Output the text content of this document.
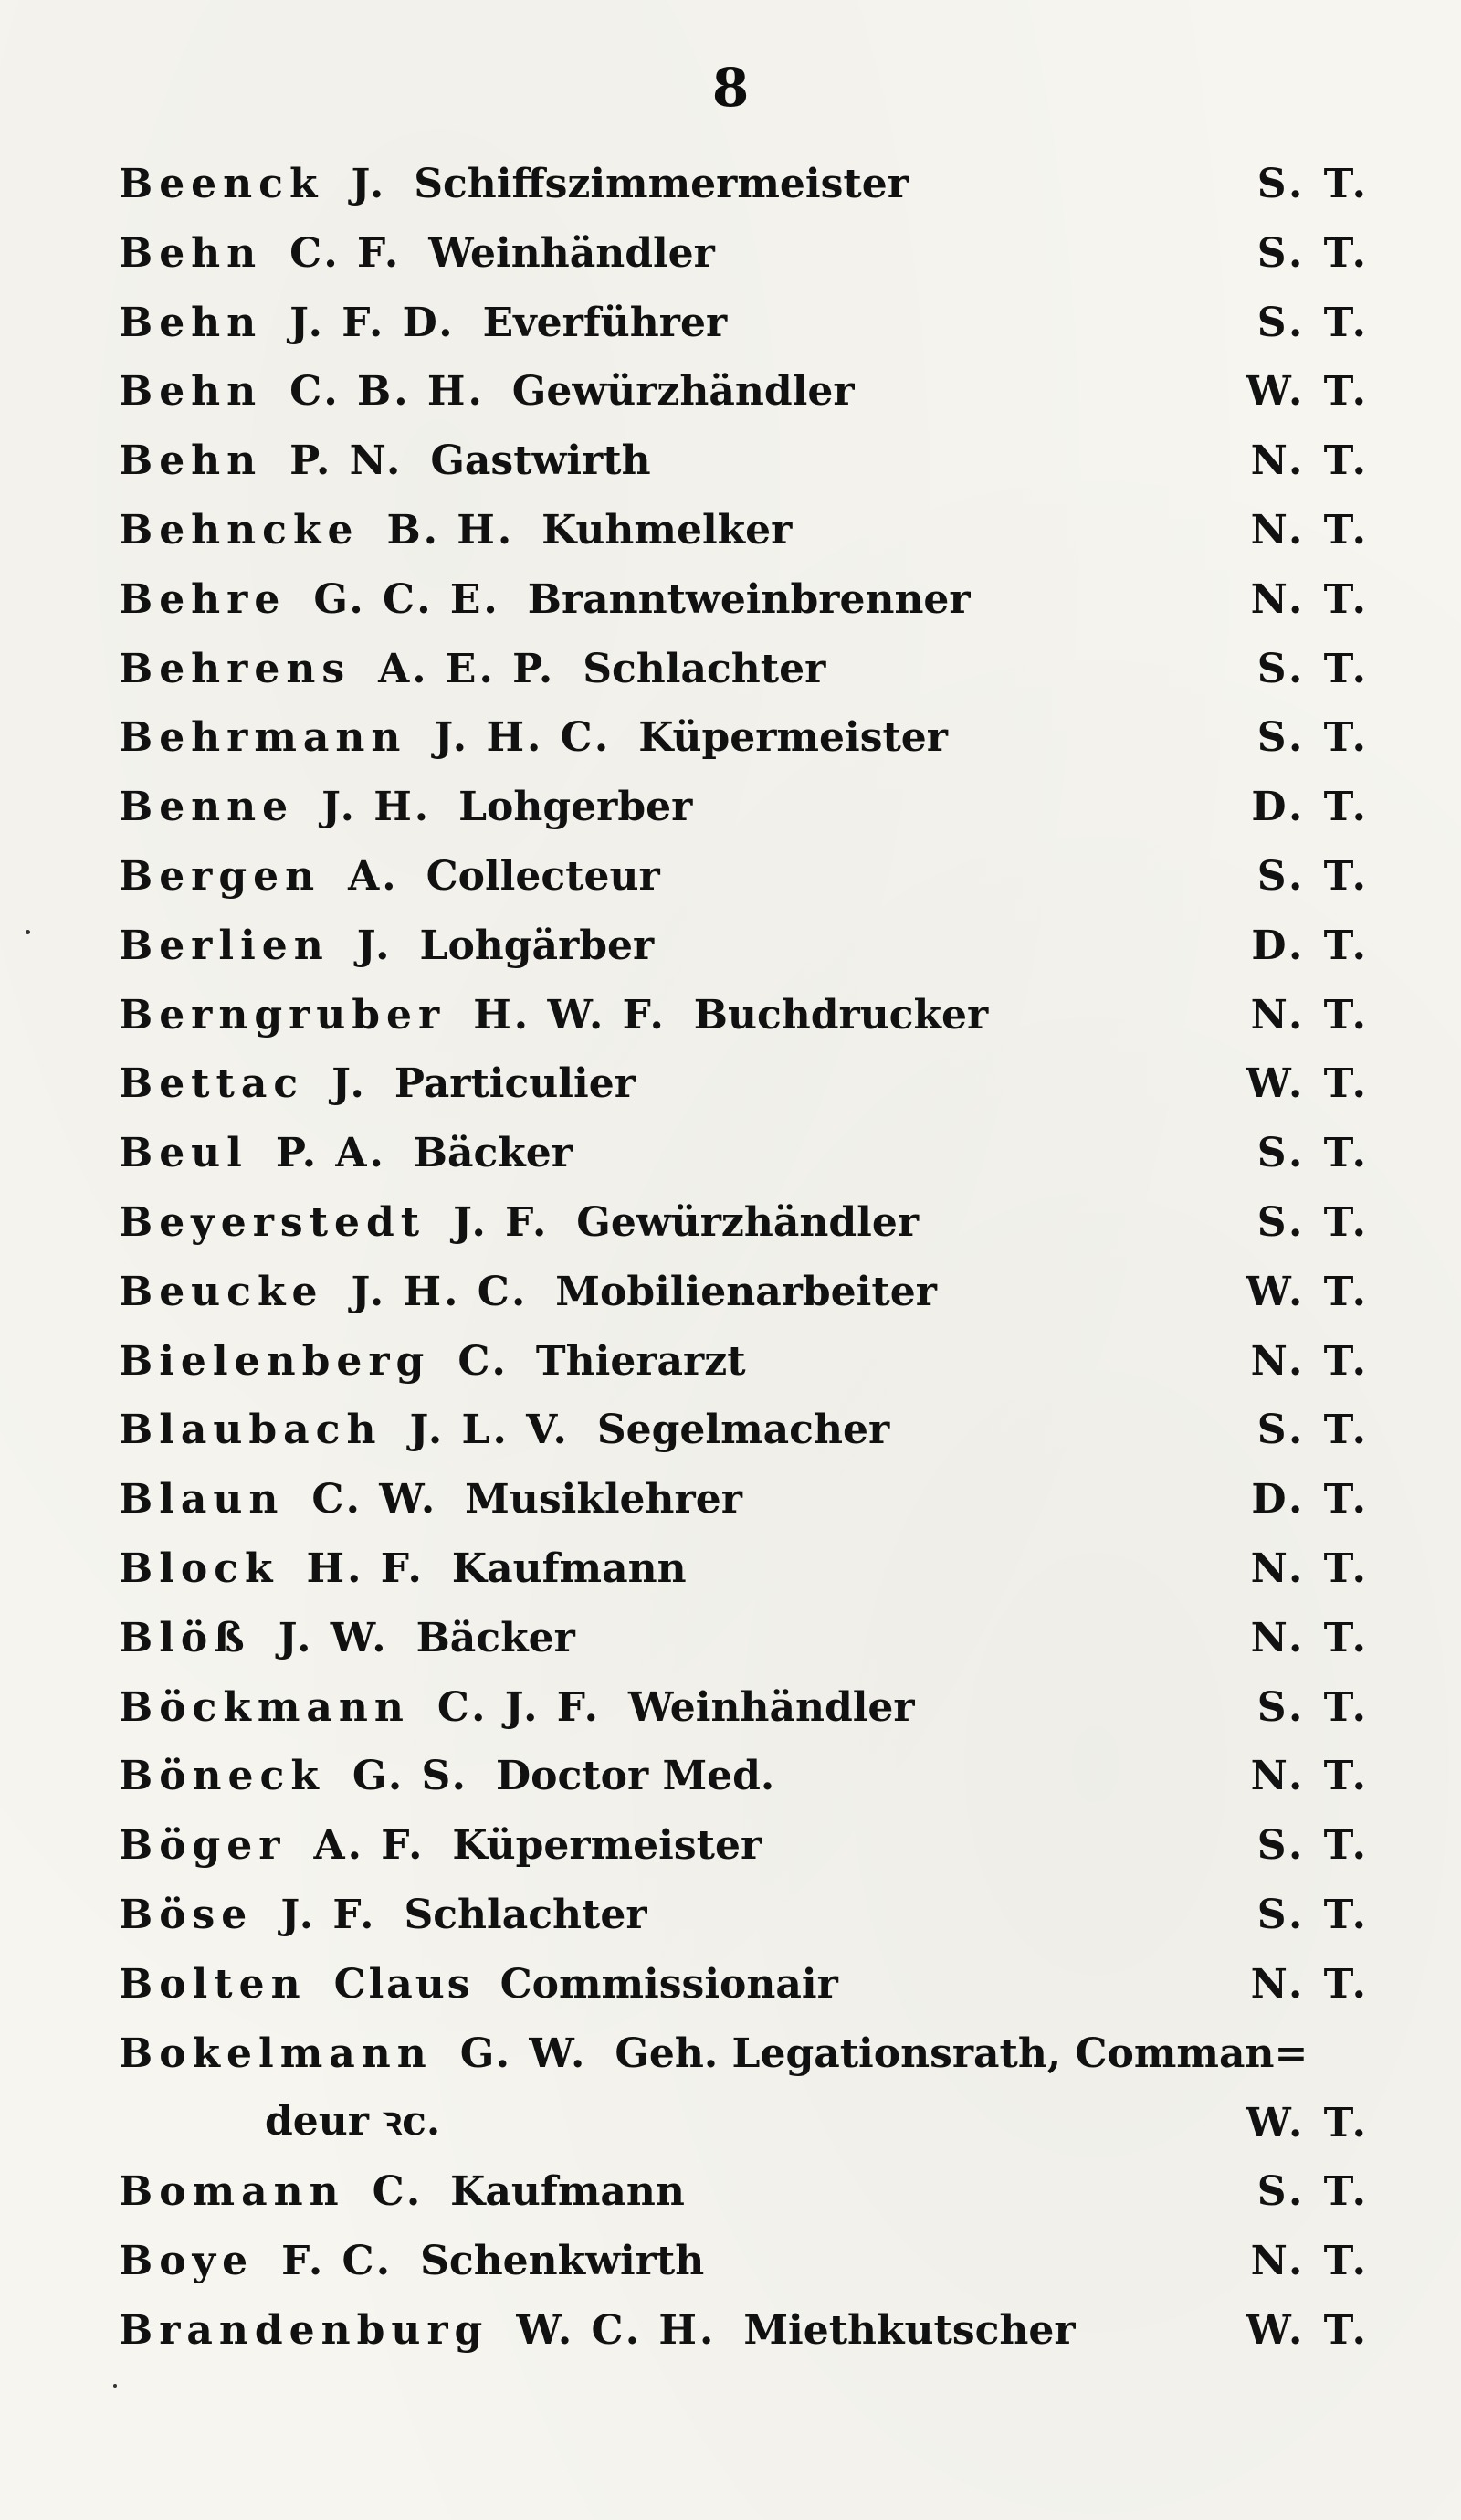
8
Beenck J. Schiffszimmermeister	S. T.
Behn C. F. Weinhändler	S. T.
Behn J. F. D. Everführer	S. T.
Behn C. B. H. Gewürzhändler	W. T.
Behn P. N. Gastwirth	N. T.
Behncke B. H. Kuhmelker	N. T.
Behre G. C. E. Branntweinbrenner	N. T.
Behrens A. E. P. Schlachter	S. T.
Behrmann J. H. C. Küpermeister	S. T.
Benne J. H. Lohgerber	D. T.
Bergen A. Collecteur	S. T.
Berlien J. Lohgärber	D. T.
Berngruber H. W. F. Buchdrucker	N. T.
Bettac J. Particulier	W. T.
Beul P. A. Bäcker	S. T.
Beyerstedt J. F. Gewürzhändler	S. T.
Beucke J. H. C. Mobilienarbeiter	W. T.
Bielenberg C. Thierarzt	N. T.
Blaubach J. L. V. Segelmacher	S. T.
Blaun C. W. Musiklehrer	D. T.
Block H. F. Kaufmann	N. T.
Blöß J. W. Bäcker	N. T.
Böckmann C. J. F. Weinhändler	S. T.
Böneck G. S. Doctor Med.	N. T.
Böger A. F. Küpermeister	S. T.
Böse J. F. Schlachter	S. T.
Bolten Claus Commissionair	N. T.
Bokelmann G. W. Geh. Legationsrath, Comman=
deur ꝛc.	W. T.
Bomann C. Kaufmann	S. T.
Boye F. C. Schenkwirth	N. T.
Brandenburg W. C. H. Miethkutscher	W. T.
